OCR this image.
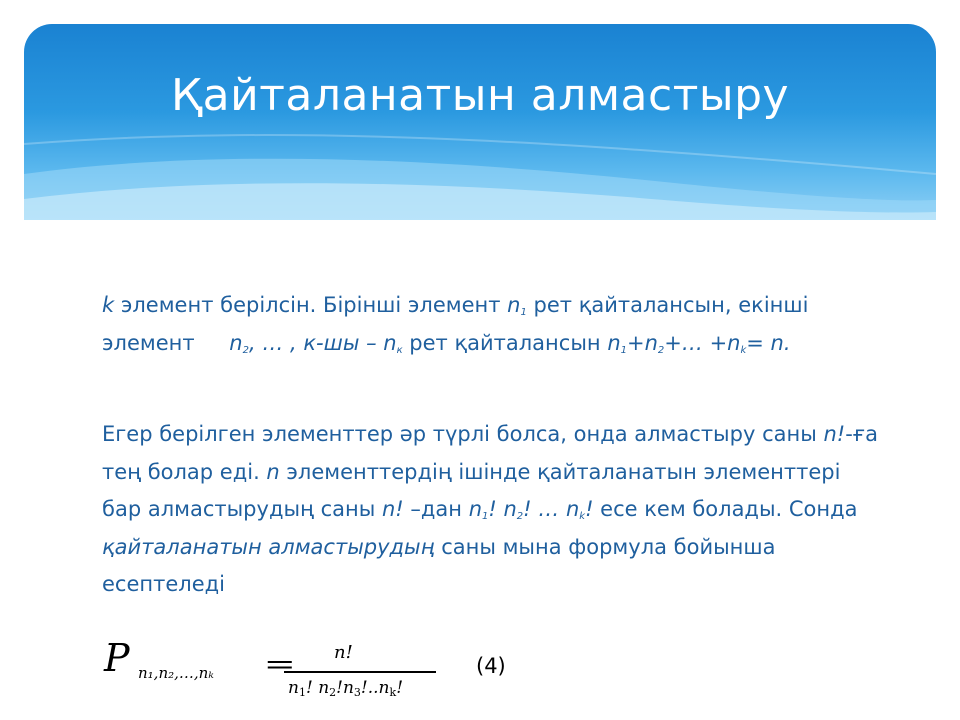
Қайталанатын алмастыру

k элемент берілсін. Бірінші элемент $n_1$ рет қайталансын, екінші элемент $n_2$, … , $к-шы - n_к$ рет қайталансын $n_1+n_2+\dots +n_k= n$.

Егер берілген элементтер әр түрлі болса, онда алмастыру саны n!-ға тең болар еді. n элементтердің ішінде қайталанатын элементтері бар алмастырудың саны n! –дан $n_1$! $n_2$! … $n_k$! есе кем болады. Сонда қайталанатын алмастырудың саны мына формула бойынша есептеледі

P n₁,n₂,…,nₖ ==	n!
$n_1$! $n_2!n_3!..n_k$!
(4)
